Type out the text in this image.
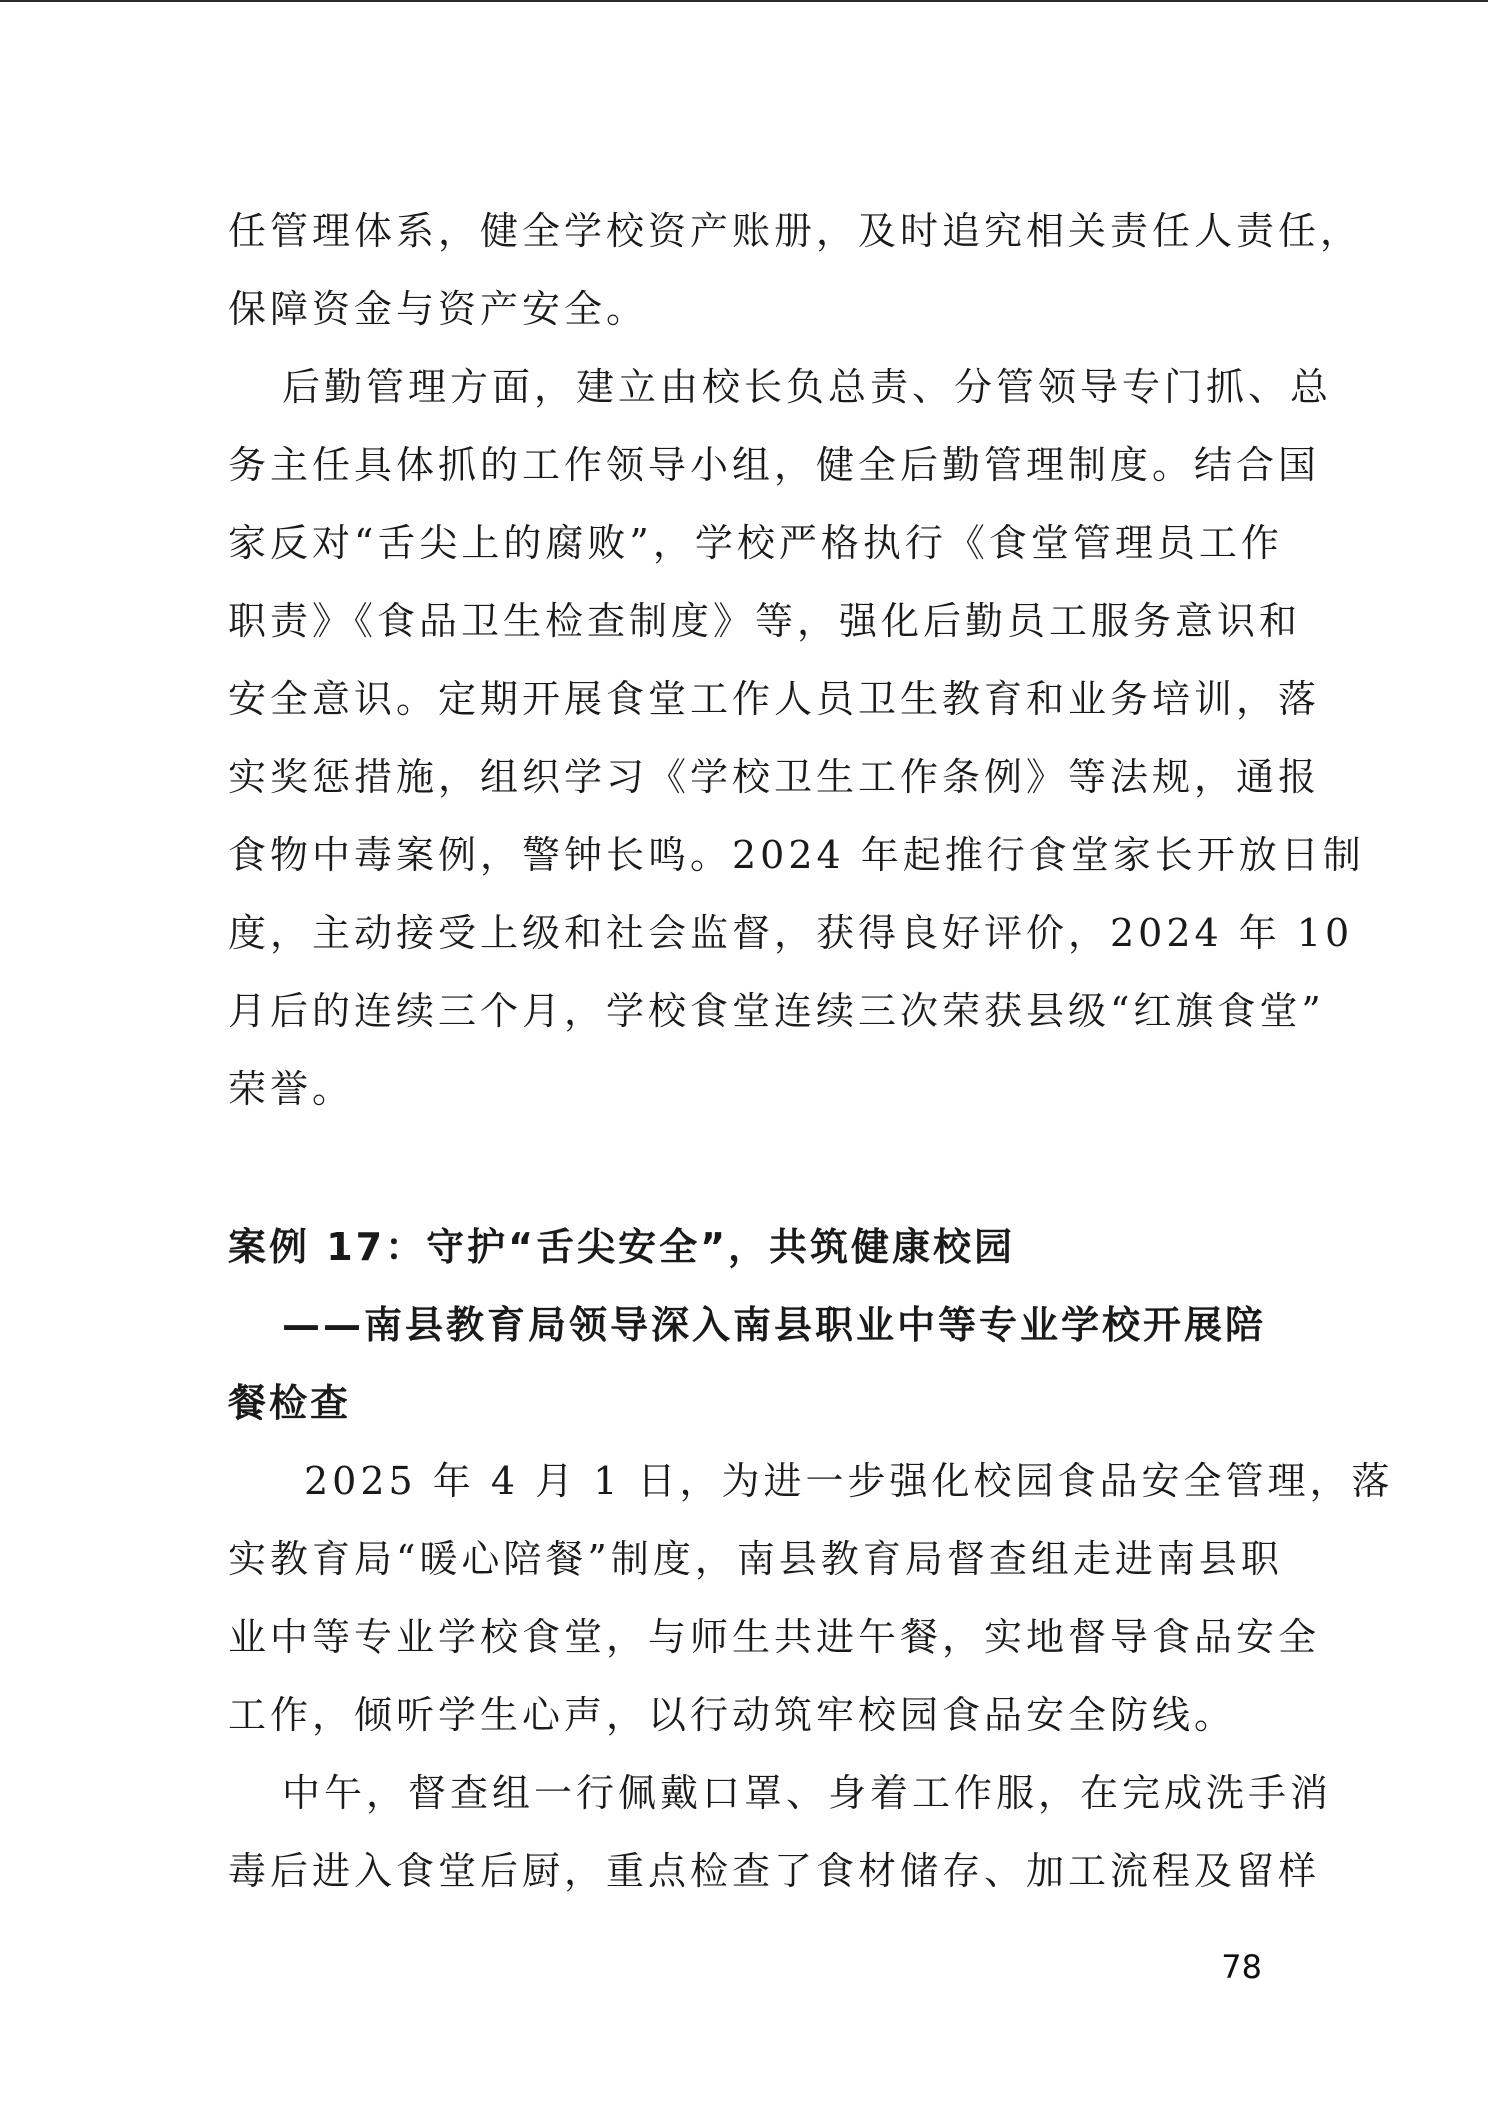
任管理体系，健全学校资产账册，及时追究相关责任人责任，

保障资金与资产安全。

后勤管理方面，建立由校长负总责、分管领导专门抓、总

务主任具体抓的工作领导小组，健全后勤管理制度。结合国

家反对“舌尖上的腐败”，学校严格执行《食堂管理员工作

职责》《食品卫生检查制度》等，强化后勤员工服务意识和

安全意识。定期开展食堂工作人员卫生教育和业务培训，落

实奖惩措施，组织学习《学校卫生工作条例》等法规，通报

食物中毒案例，警钟长鸣。2024 年起推行食堂家长开放日制

度，主动接受上级和社会监督，获得良好评价，2024 年 10

月后的连续三个月，学校食堂连续三次荣获县级“红旗食堂”

荣誉。

案例 17：守护“舌尖安全”，共筑健康校园

——南县教育局领导深入南县职业中等专业学校开展陪

餐检查

2025 年 4 月 1 日，为进一步强化校园食品安全管理，落

实教育局“暖心陪餐”制度，南县教育局督查组走进南县职

业中等专业学校食堂，与师生共进午餐，实地督导食品安全

工作，倾听学生心声，以行动筑牢校园食品安全防线。

中午，督查组一行佩戴口罩、身着工作服，在完成洗手消

毒后进入食堂后厨，重点检查了食材储存、加工流程及留样

78
